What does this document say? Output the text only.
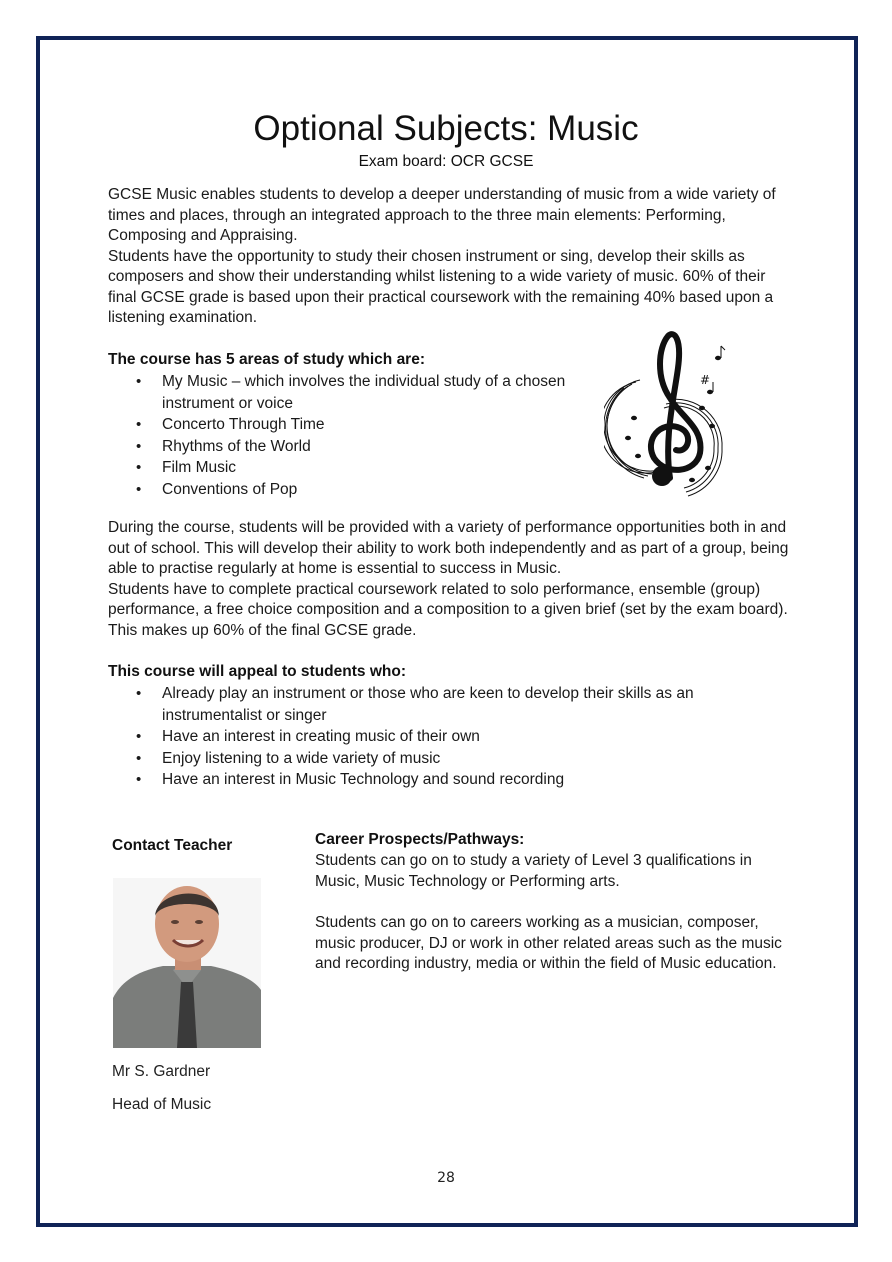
Optional Subjects: Music
Exam board: OCR GCSE

GCSE Music enables students to develop a deeper understanding of music from a wide variety of times and places, through an integrated approach to the three main elements: Performing, Composing and Appraising.

Students have the opportunity to study their chosen instrument or sing, develop their skills as composers and show their understanding whilst listening to a wide variety of music. 60% of their final GCSE grade is based upon their practical coursework with the remaining 40% based upon a listening examination.

The course has 5 areas of study which are:
• My Music – which involves the individual study of a chosen instrument or voice
• Concerto Through Time
• Rhythms of the World
• Film Music
• Conventions of Pop
#

During the course, students will be provided with a variety of performance opportunities both in and out of school. This will develop their ability to work both independently and as part of a group, being able to practise regularly at home is essential to success in Music.

Students have to complete practical coursework related to solo performance, ensemble (group) performance, a free choice composition and a composition to a given brief (set by the exam board). This makes up 60% of the final GCSE grade.

This course will appeal to students who:
• Already play an instrument or those who are keen to develop their skills as an instrumentalist or singer
• Have an interest in creating music of their own
• Enjoy listening to a wide variety of music
• Have an interest in Music Technology and sound recording
Contact Teacher
Mr S. Gardner
Head of Music
Career Prospects/Pathways:

Students can go on to study a variety of Level 3 qualifications in Music, Music Technology or Performing arts.

Students can go on to careers working as a musician, composer, music producer, DJ or work in other related areas such as the music and recording industry, media or within the field of Music education.

28
